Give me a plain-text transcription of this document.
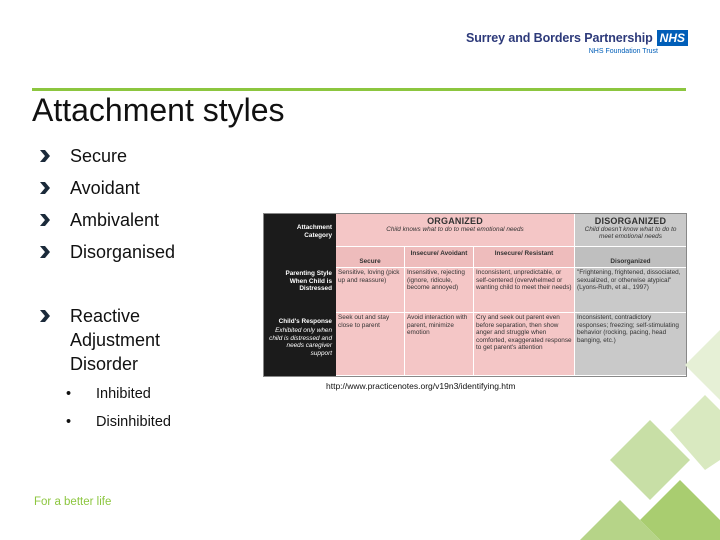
Surrey and Borders Partnership NHS
NHS Foundation Trust
Attachment styles
Secure
Avoidant
Ambivalent
Disorganised
Reactive Adjustment Disorder
• Inhibited
• Disinhibited
Attachment Category
Parenting Style When Child is Distressed
Child's Response
Exhibited only when child is distressed and needs caregiver support
ORGANIZED
Child knows what to do to meet emotional needs
DISORGANIZED
Child doesn't know what to do to meet emotional needs
Secure
Insecure/ Avoidant	Insecure/ Resistant
Disorganized
Sensitive, loving (pick up and reassure)
Insensitive, rejecting (ignore, ridicule, become annoyed)
Inconsistent, unpredictable, or self-centered (overwhelmed or wanting child to meet their needs)
"Frightening, frightened, dissociated, sexualized, or otherwise atypical" (Lyons-Ruth, et al., 1997)
Seek out and stay close to parent
Avoid interaction with parent, minimize emotion
Cry and seek out parent even before separation, then show anger and struggle when comforted, exaggerated response to get parent's attention
Inconsistent, contradictory responses; freezing; self-stimulating behavior (rocking, pacing, head banging, etc.)
http://www.practicenotes.org/v19n3/identifying.htm
For a better life
